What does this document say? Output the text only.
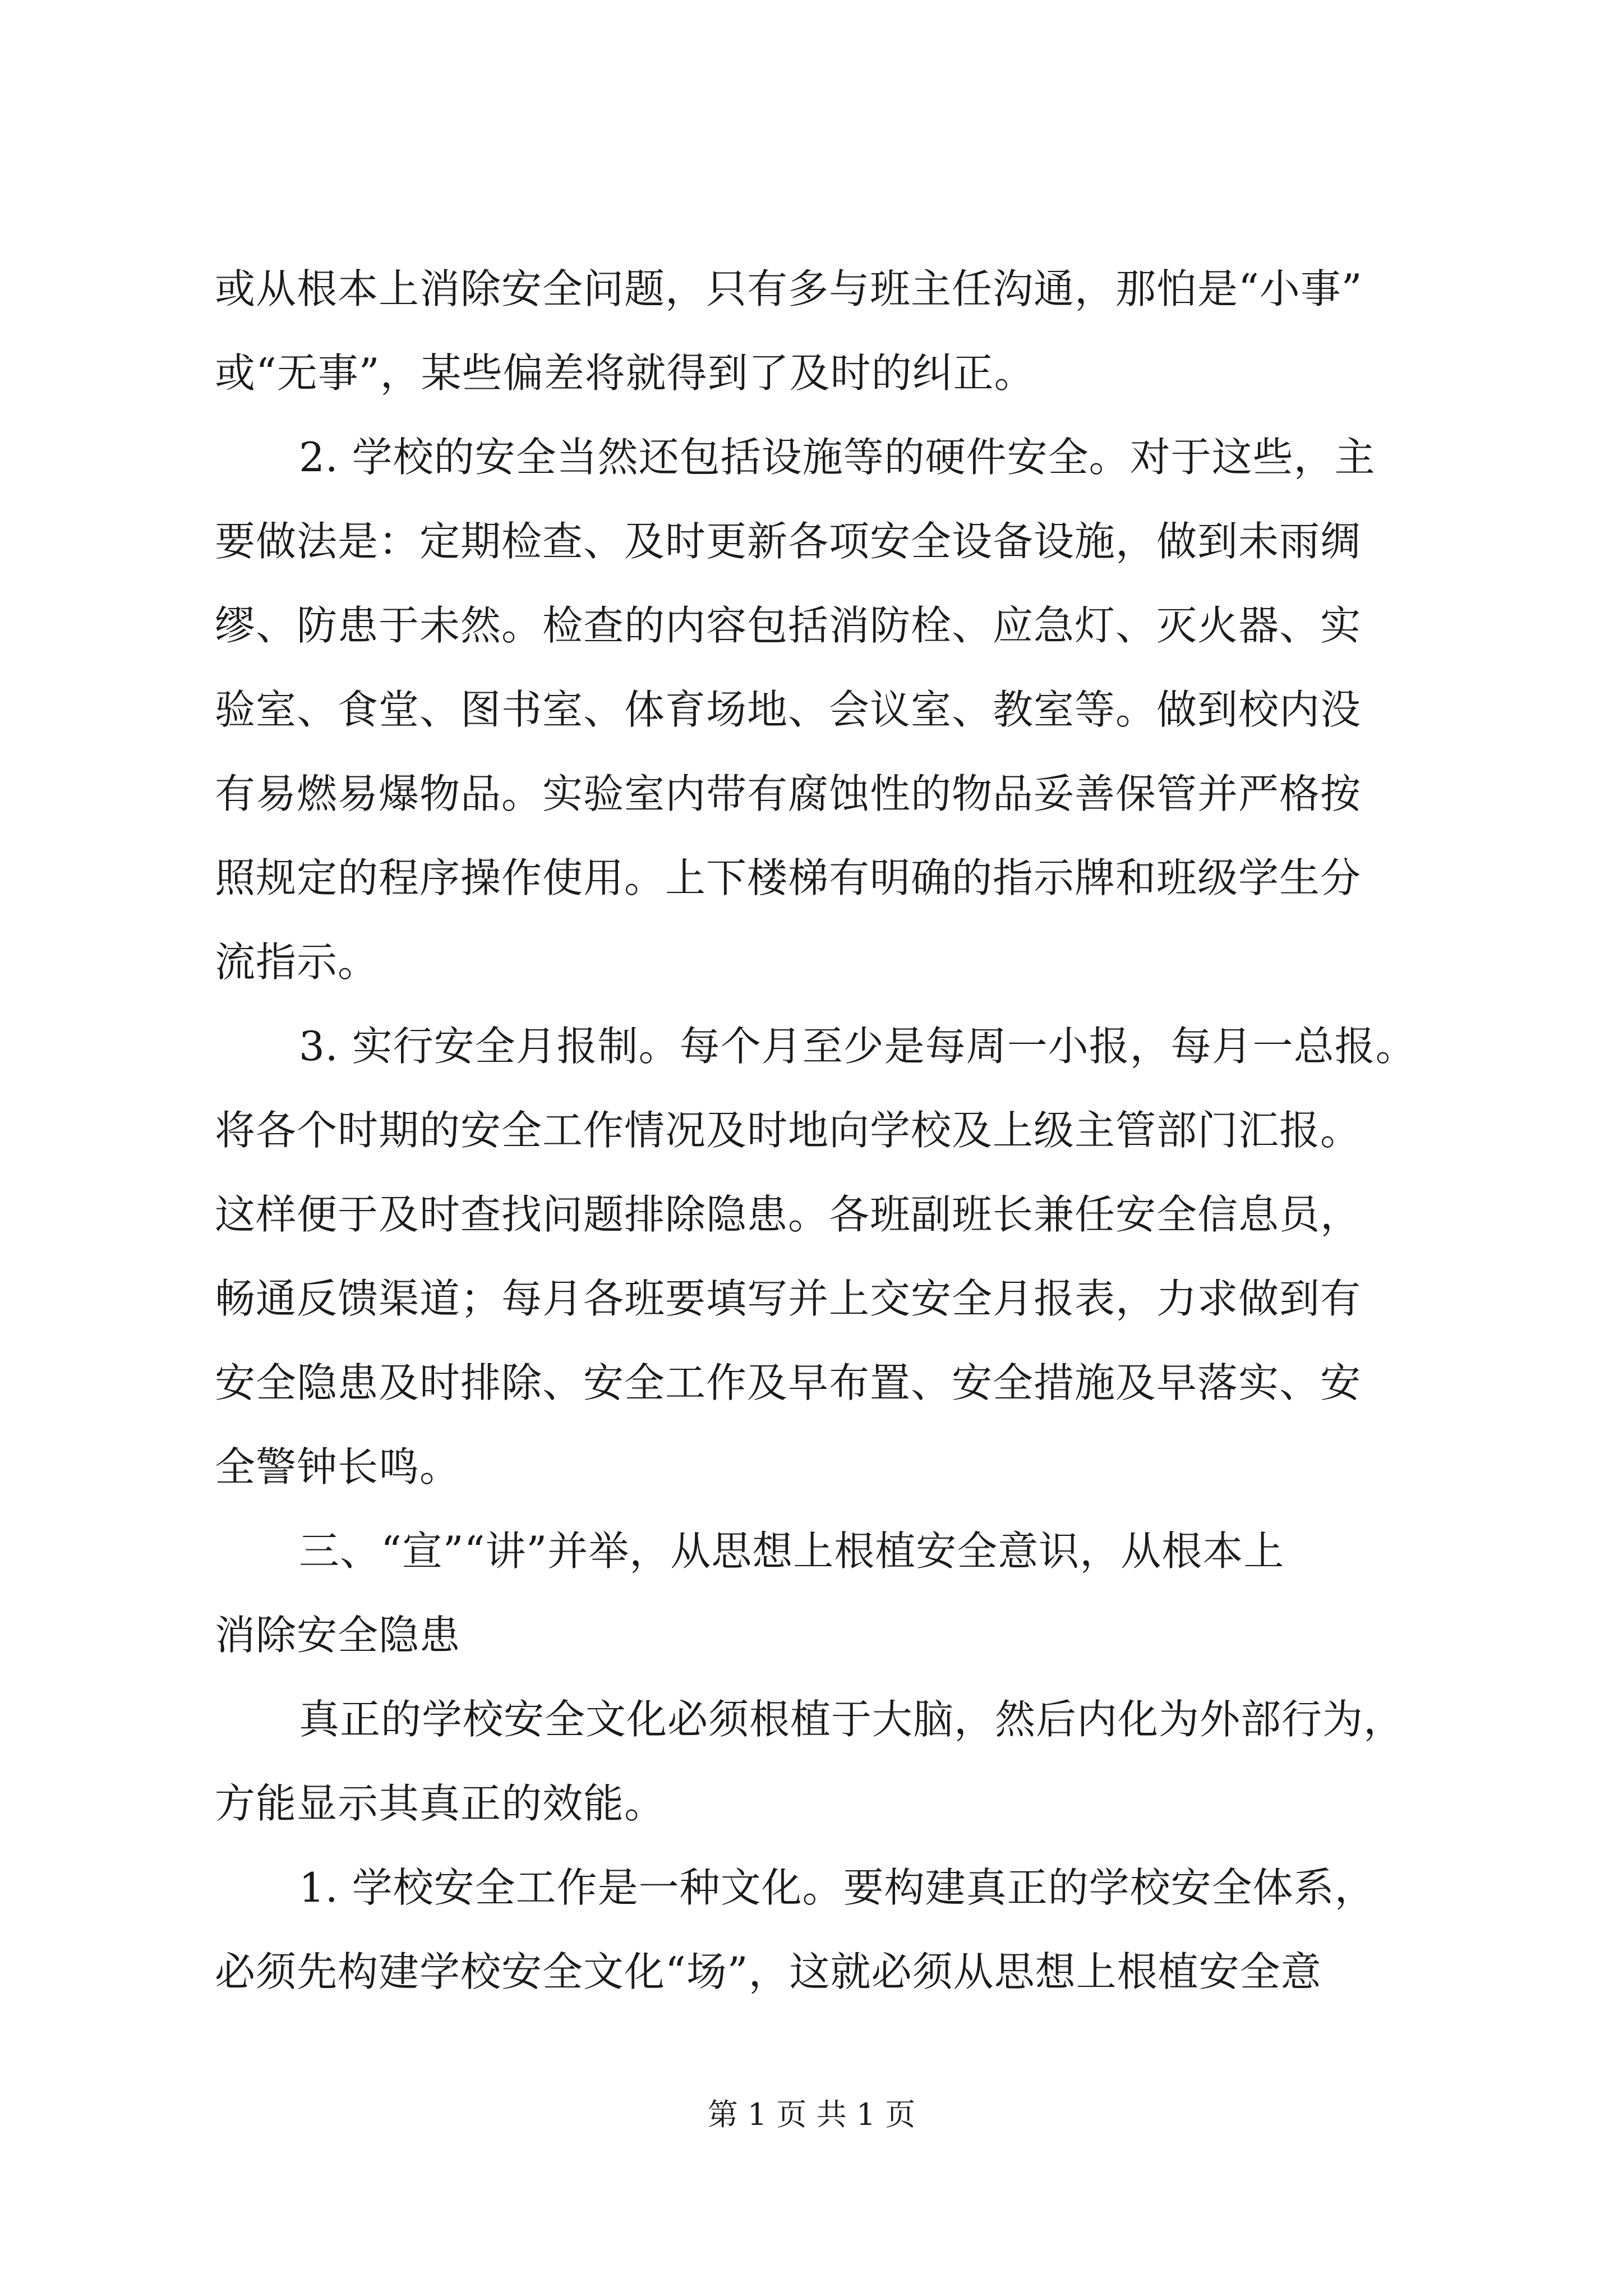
或从根本上消除安全问题，只有多与班主任沟通，那怕是“小事”
或“无事”，某些偏差将就得到了及时的纠正。
2. 学校的安全当然还包括设施等的硬件安全。对于这些，主
要做法是：定期检查、及时更新各项安全设备设施，做到未雨绸
缪、防患于未然。检查的内容包括消防栓、应急灯、灭火器、实
验室、食堂、图书室、体育场地、会议室、教室等。做到校内没
有易燃易爆物品。实验室内带有腐蚀性的物品妥善保管并严格按
照规定的程序操作使用。上下楼梯有明确的指示牌和班级学生分
流指示。
3. 实行安全月报制。每个月至少是每周一小报，每月一总报。
将各个时期的安全工作情况及时地向学校及上级主管部门汇报。
这样便于及时查找问题排除隐患。各班副班长兼任安全信息员，
畅通反馈渠道；每月各班要填写并上交安全月报表，力求做到有
安全隐患及时排除、安全工作及早布置、安全措施及早落实、安
全警钟长鸣。
三、“宣”“讲”并举，从思想上根植安全意识，从根本上
消除安全隐患
真正的学校安全文化必须根植于大脑，然后内化为外部行为，
方能显示其真正的效能。
1. 学校安全工作是一种文化。要构建真正的学校安全体系，
必须先构建学校安全文化“场”，这就必须从思想上根植安全意
第 1 页 共 1 页
